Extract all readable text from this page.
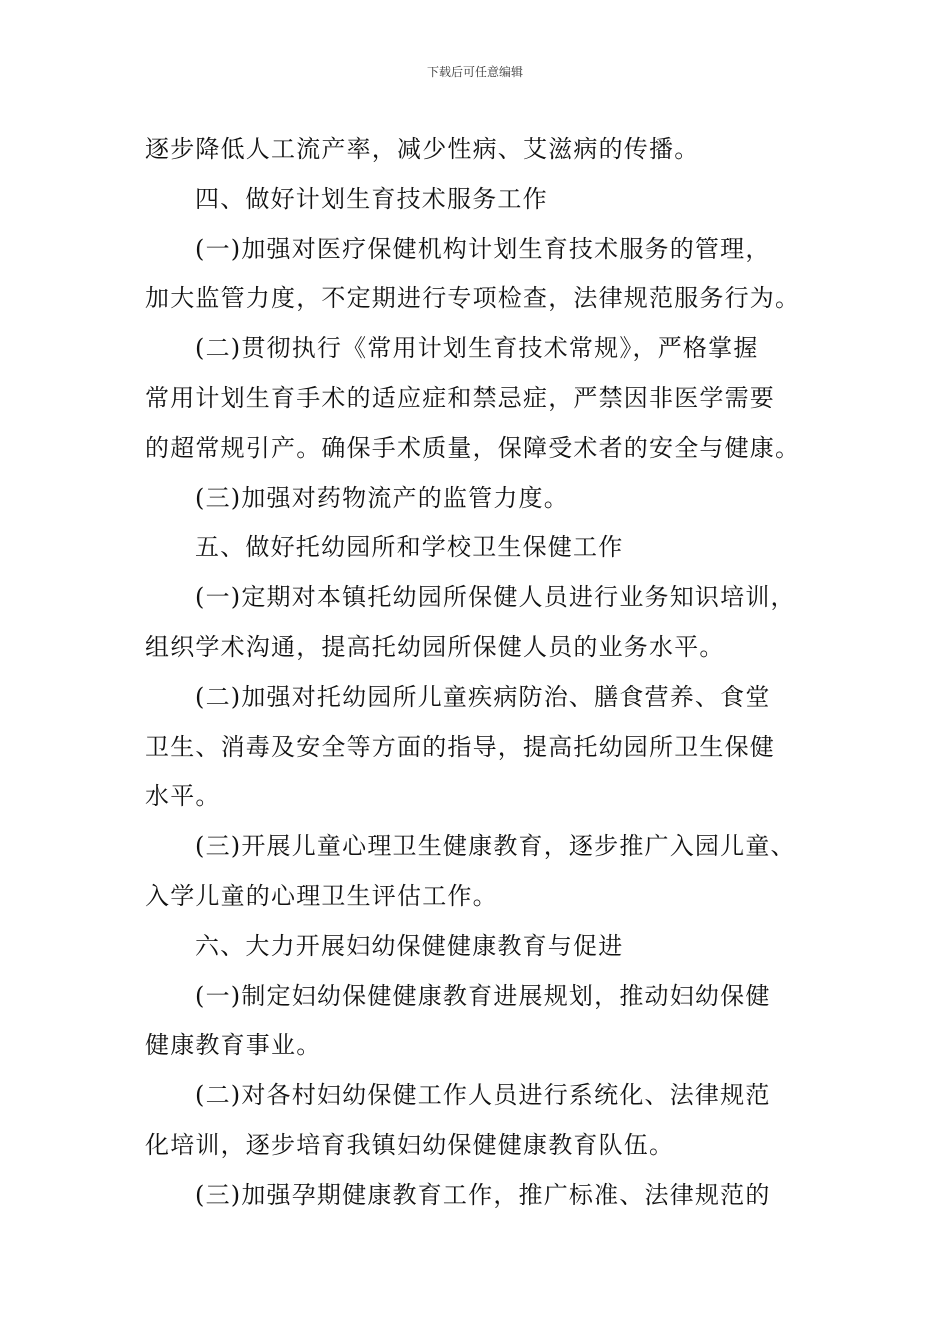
下载后可任意编辑
逐步降低人工流产率，减少性病、艾滋病的传播。
四、做好计划生育技术服务工作
(一)加强对医疗保健机构计划生育技术服务的管理，
加大监管力度，不定期进行专项检查，法律规范服务行为。
(二)贯彻执行《常用计划生育技术常规》，严格掌握
常用计划生育手术的适应症和禁忌症，严禁因非医学需要
的超常规引产。确保手术质量，保障受术者的安全与健康。
(三)加强对药物流产的监管力度。
五、做好托幼园所和学校卫生保健工作
(一)定期对本镇托幼园所保健人员进行业务知识培训，
组织学术沟通，提高托幼园所保健人员的业务水平。
(二)加强对托幼园所儿童疾病防治、膳食营养、食堂
卫生、消毒及安全等方面的指导，提高托幼园所卫生保健
水平。
(三)开展儿童心理卫生健康教育，逐步推广入园儿童、
入学儿童的心理卫生评估工作。
六、大力开展妇幼保健健康教育与促进
(一)制定妇幼保健健康教育进展规划，推动妇幼保健
健康教育事业。
(二)对各村妇幼保健工作人员进行系统化、法律规范
化培训，逐步培育我镇妇幼保健健康教育队伍。
(三)加强孕期健康教育工作，推广标准、法律规范的
